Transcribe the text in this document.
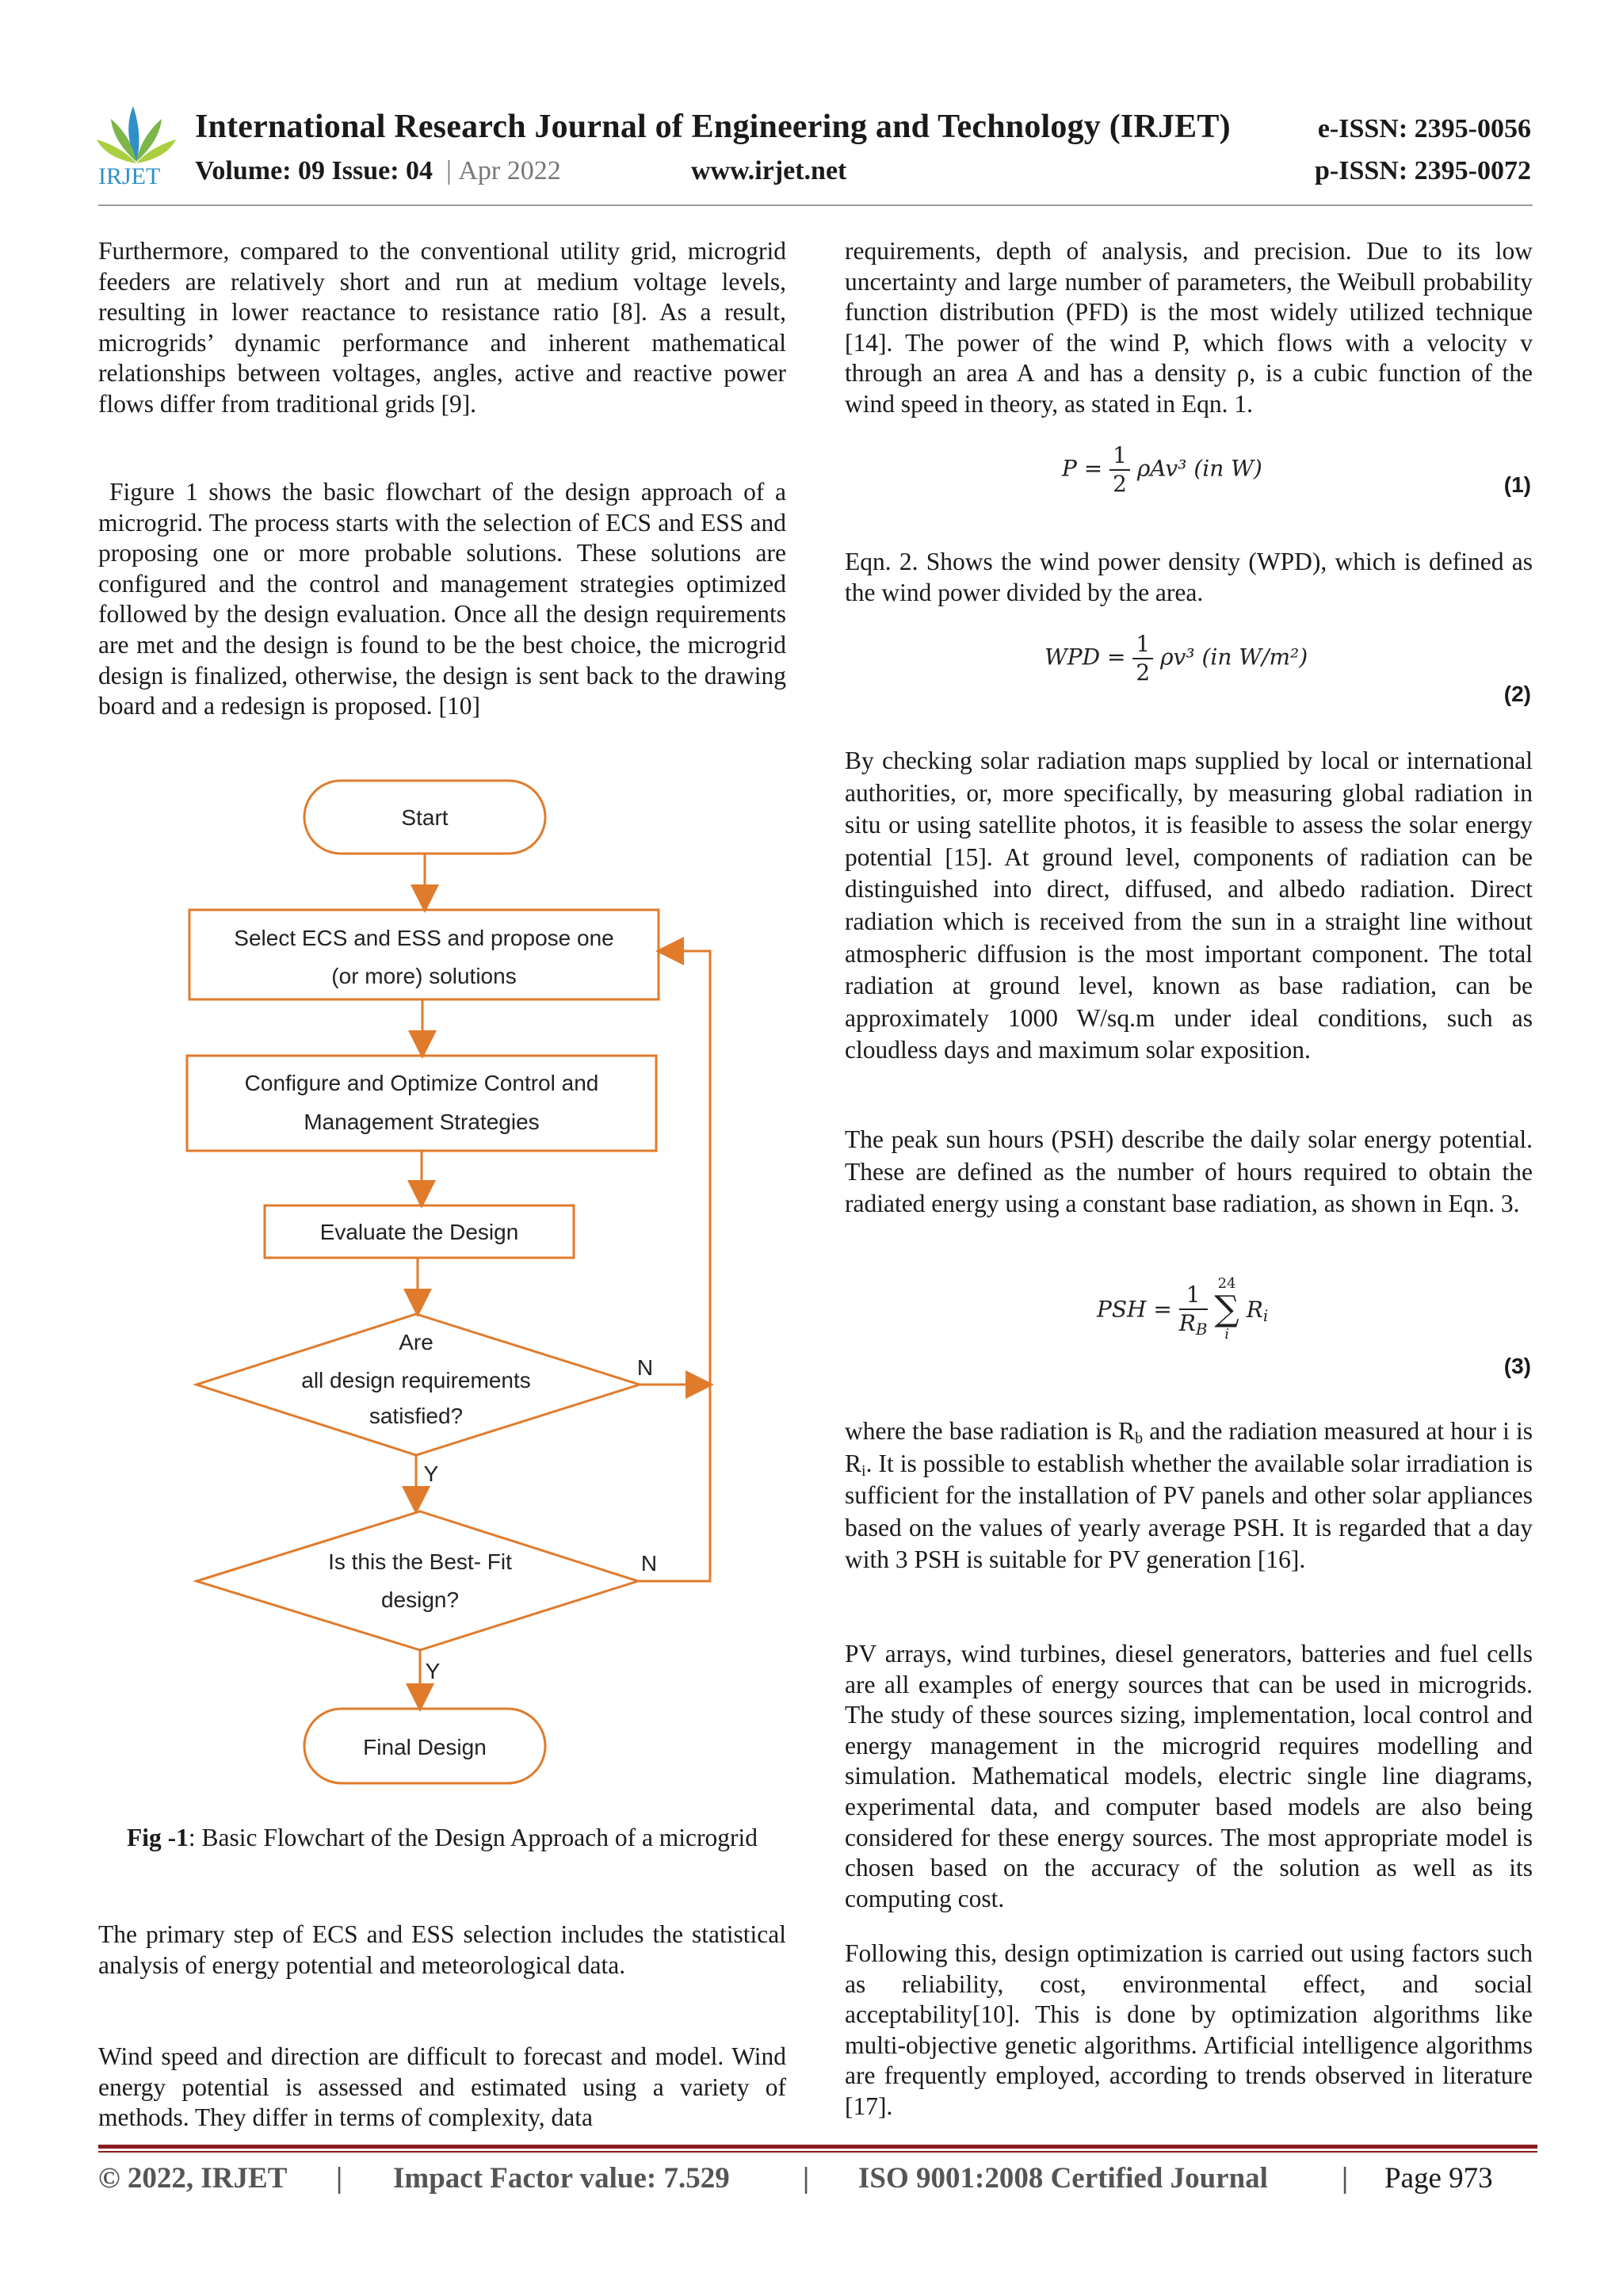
IRJET
International Research Journal of Engineering and Technology (IRJET)
Volume: 09 Issue: 04  | Apr 2022	www.irjet.net
e-ISSN: 2395-0056
p-ISSN: 2395-0072

Furthermore, compared to the conventional utility grid, microgrid feeders are relatively short and run at medium voltage levels, resulting in lower reactance to resistance ratio [8]. As a result, microgrids’ dynamic performance and inherent mathematical relationships between voltages, angles, active and reactive power flows differ from traditional grids [9].

Figure 1 shows the basic flowchart of the design approach of a microgrid. The process starts with the selection of ECS and ESS and proposing one or more probable solutions. These solutions are configured and the control and management strategies optimized followed by the design evaluation. Once all the design requirements are met and the design is found to be the best choice, the microgrid design is finalized, otherwise, the design is sent back to the drawing board and a redesign is proposed. [10]

Start
Select ECS and ESS and propose one
(or more) solutions
Configure and Optimize Control and
Management Strategies
Evaluate the Design
Are
all design requirements
satisfied?
Is this the Best- Fit
design?
Final Design
Y
Y
N
N
Fig -1: Basic Flowchart of the Design Approach of a microgrid

The primary step of ECS and ESS selection includes the statistical analysis of energy potential and meteorological data.

Wind speed and direction are difficult to forecast and model. Wind energy potential is assessed and estimated using a variety of methods. They differ in terms of complexity, data

requirements, depth of analysis, and precision. Due to its low uncertainty and large number of parameters, the Weibull probability function distribution (PFD) is the most widely utilized technique [14]. The power of the wind P, which flows with a velocity v through an area A and has a density ρ, is a cubic function of the wind speed in theory, as stated in Eqn. 1.

$P = \frac{1}{2} \rho Av^3$ (in W)
(1)

Eqn. 2. Shows the wind power density (WPD), which is defined as the wind power divided by the area.

WPD = $\frac{1}{2} \rho v^3$ (in W/m²)
(2)

By checking solar radiation maps supplied by local or international authorities, or, more specifically, by measuring global radiation in situ or using satellite photos, it is feasible to assess the solar energy potential [15]. At ground level, components of radiation can be distinguished into direct, diffused, and albedo radiation. Direct radiation which is received from the sun in a straight line without atmospheric diffusion is the most important component. The total radiation at ground level, known as base radiation, can be approximately 1000 W/sq.m under ideal conditions, such as cloudless days and maximum solar exposition.

The peak sun hours (PSH) describe the daily solar energy potential. These are defined as the number of hours required to obtain the radiated energy using a constant base radiation, as shown in Eqn. 3.

PSH = $\frac{1}{R_B}$
24
∑
i
$R_i$
(3)

where the base radiation is $R_b$ and the radiation measured at hour i is $R_i$. It is possible to establish whether the available solar irradiation is sufficient for the installation of PV panels and other solar appliances based on the values of yearly average PSH. It is regarded that a day with 3 PSH is suitable for PV generation [16].

PV arrays, wind turbines, diesel generators, batteries and fuel cells are all examples of energy sources that can be used in microgrids. The study of these sources sizing, implementation, local control and energy management in the microgrid requires modelling and simulation. Mathematical models, electric single line diagrams, experimental data, and computer based models are also being considered for these energy sources. The most appropriate model is chosen based on the accuracy of the solution as well as its computing cost.

Following this, design optimization is carried out using factors such as reliability, cost, environmental effect, and social acceptability[10]. This is done by optimization algorithms like multi-objective genetic algorithms. Artificial intelligence algorithms are frequently employed, according to trends observed in literature [17].

© 2022, IRJET | Impact Factor value: 7.529 | ISO 9001:2008 Certified Journal	| Page 973
